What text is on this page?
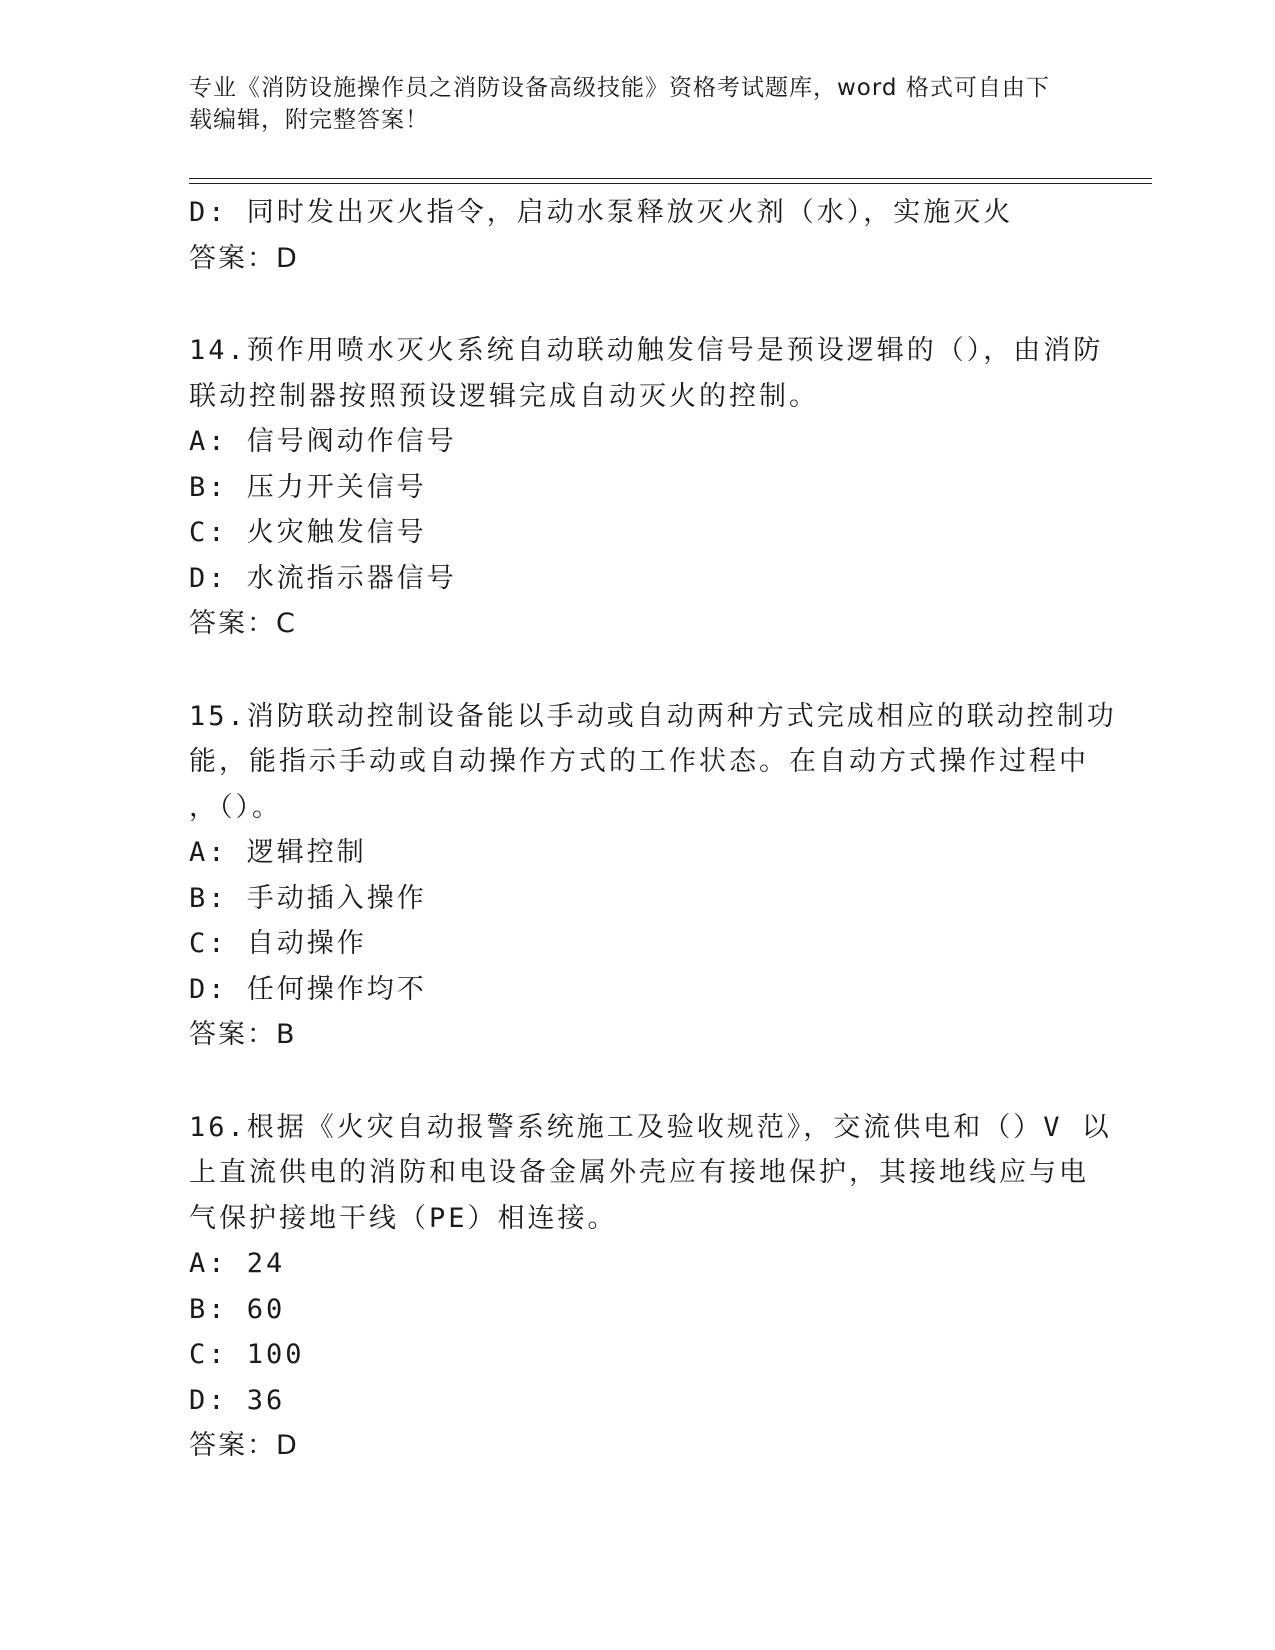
专业《消防设施操作员之消防设备高级技能》资格考试题库，word 格式可自由下
载编辑，附完整答案！
D: 同时发出灭火指令，启动水泵释放灭火剂（水），实施灭火
答案：D
14.预作用喷水灭火系统自动联动触发信号是预设逻辑的（），由消防
联动控制器按照预设逻辑完成自动灭火的控制。
A: 信号阀动作信号
B: 压力开关信号
C: 火灾触发信号
D: 水流指示器信号
答案：C
15.消防联动控制设备能以手动或自动两种方式完成相应的联动控制功
能，能指示手动或自动操作方式的工作状态。在自动方式操作过程中
，（）。
A: 逻辑控制
B: 手动插入操作
C: 自动操作
D: 任何操作均不
答案：B
16.根据《火灾自动报警系统施工及验收规范》，交流供电和（）V 以
上直流供电的消防和电设备金属外壳应有接地保护，其接地线应与电
气保护接地干线（PE）相连接。
A: 24
B: 60
C: 100
D: 36
答案：D
